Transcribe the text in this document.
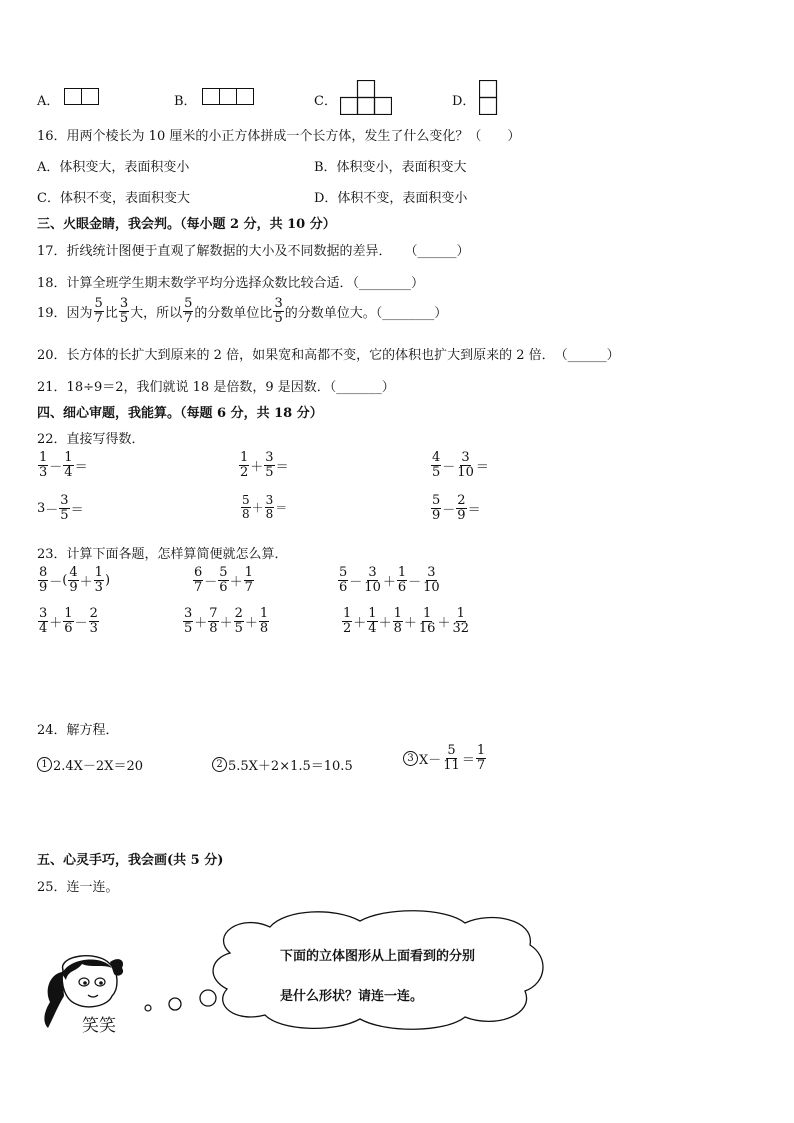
A．	B．	C．	D．
16．用两个棱长为 10 厘米的小正方体拼成一个长方体，发生了什么变化？（　　）
A．体积变大，表面积变小	B．体积变小，表面积变大
C．体积不变，表面积变大	D．体积不变，表面积变小
三、火眼金睛，我会判。（每小题 2 分，共 10 分）
17．折线统计图便于直观了解数据的大小及不同数据的差异．　　（______）
18．计算全班学生期末数学平均分选择众数比较合适．（________）
19．因为 $\frac{5}{7}$ 比 $\frac{3}{5}$ 大，所以 $\frac{5}{7}$ 的分数单位比 $\frac{3}{5}$ 的分数单位大。（________）
20．长方体的长扩大到原来的 2 倍，如果宽和高都不变，它的体积也扩大到原来的 2 倍．　（______）
21．18÷9＝2，我们就说 18 是倍数，9 是因数．（_______）
四、细心审题，我能算。（每题 6 分，共 18 分）
22．直接写得数．
$\frac{1}{3} - \frac{1}{4}$ ＝	$\frac{1}{2} + \frac{3}{5}$ ＝	$\frac{4}{5} - \frac{3}{10}$ ＝
$3 - \frac{3}{5}$ ＝	$\frac{5}{8} + \frac{3}{8}$ ＝	$\frac{5}{9} - \frac{2}{9}$ ＝
23．计算下面各题，怎样算简便就怎么算．
$\frac{8}{9}$ － ( $\frac{4}{9} + \frac{1}{3}$ )	$\frac{6}{7} - \frac{5}{6} + \frac{1}{7}$	$\frac{5}{6} - \frac{3}{10} + \frac{1}{6} - \frac{3}{10}$
$\frac{3}{4} + \frac{1}{6} - \frac{2}{3}$	$\frac{3}{5} + \frac{7}{8} + \frac{2}{5} + \frac{1}{8}$	$\frac{1}{2} + \frac{1}{4} + \frac{1}{8} + \frac{1}{16} + \frac{1}{32}$
24．解方程．
1 2.4X－2X＝20	2 5.5X＋2×1.5＝10.5
3 $X- \frac{5}{11} = \frac{1}{7}$
五、心灵手巧，我会画(共 5 分)
25．连一连。
下面的立体图形从上面看到的分别
是什么形状？请连一连。
笑笑
